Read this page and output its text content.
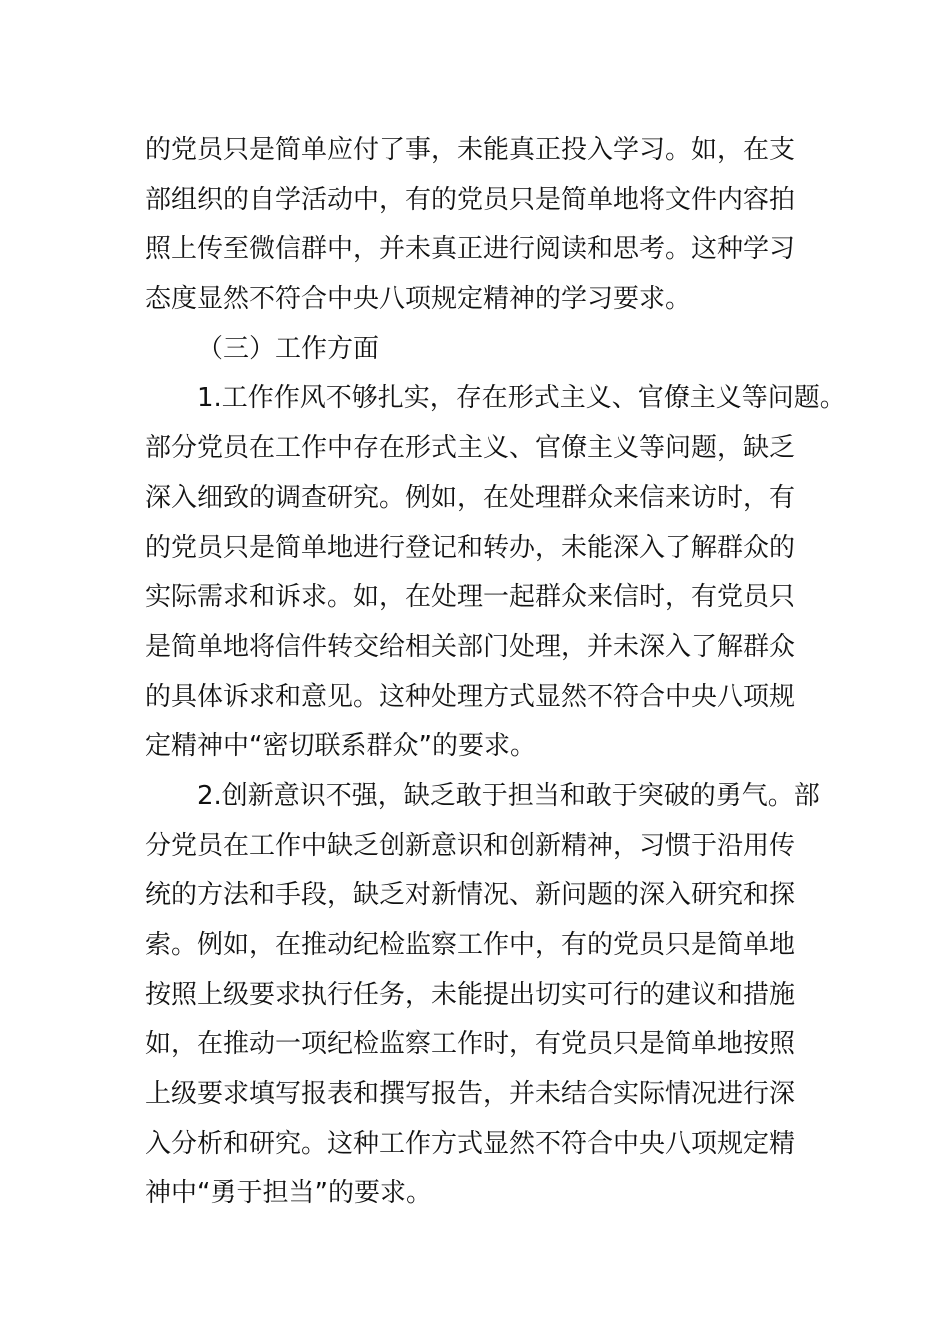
的党员只是简单应付了事，未能真正投入学习。如，在支
部组织的自学活动中，有的党员只是简单地将文件内容拍
照上传至微信群中，并未真正进行阅读和思考。这种学习
态度显然不符合中央八项规定精神的学习要求。
（三）工作方面
1.工作作风不够扎实，存在形式主义、官僚主义等问题。
部分党员在工作中存在形式主义、官僚主义等问题，缺乏
深入细致的调查研究。例如，在处理群众来信来访时，有
的党员只是简单地进行登记和转办，未能深入了解群众的
实际需求和诉求。如，在处理一起群众来信时，有党员只
是简单地将信件转交给相关部门处理，并未深入了解群众
的具体诉求和意见。这种处理方式显然不符合中央八项规
定精神中“密切联系群众”的要求。
2.创新意识不强，缺乏敢于担当和敢于突破的勇气。部
分党员在工作中缺乏创新意识和创新精神，习惯于沿用传
统的方法和手段，缺乏对新情况、新问题的深入研究和探
索。例如，在推动纪检监察工作中，有的党员只是简单地
按照上级要求执行任务，未能提出切实可行的建议和措施
如，在推动一项纪检监察工作时，有党员只是简单地按照
上级要求填写报表和撰写报告，并未结合实际情况进行深
入分析和研究。这种工作方式显然不符合中央八项规定精
神中“勇于担当”的要求。
